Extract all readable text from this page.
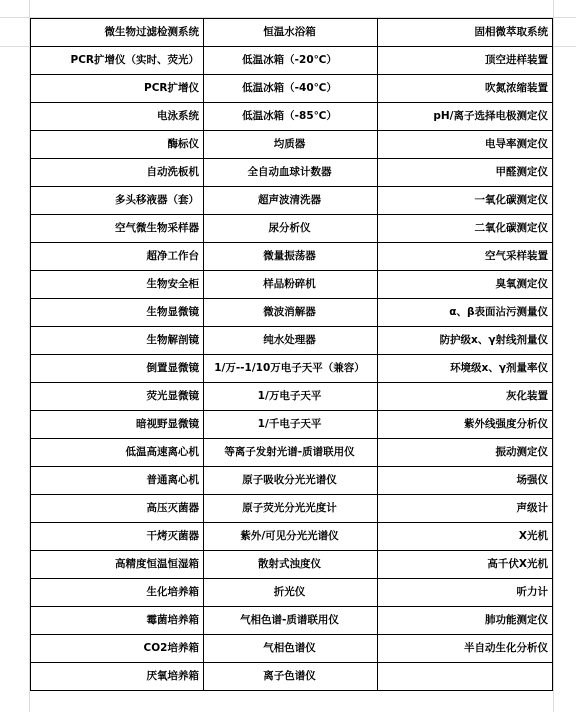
微生物过滤检测系统	恒温水浴箱	固相微萃取系统
PCR扩增仪（实时、荧光）	低温冰箱（-20℃）	顶空进样装置
PCR扩增仪	低温冰箱（-40℃）	吹氮浓缩装置
电泳系统	低温冰箱（-85℃）	pH/离子选择电极测定仪
酶标仪	均质器	电导率测定仪
自动洗板机	全自动血球计数器	甲醛测定仪
多头移液器（套）	超声波清洗器	一氧化碳测定仪
空气微生物采样器	尿分析仪	二氧化碳测定仪
超净工作台	微量振荡器	空气采样装置
生物安全柜	样品粉碎机	臭氧测定仪
生物显微镜	微波消解器	α、β表面沾污测量仪
生物解剖镜	纯水处理器	防护级x、γ射线剂量仪
倒置显微镜	1/万--1/10万电子天平（兼容）	环境级x、γ剂量率仪
荧光显微镜	1/万电子天平	灰化装置
暗视野显微镜	1/千电子天平	紫外线强度分析仪
低温高速离心机	等离子发射光谱-质谱联用仪	振动测定仪
普通离心机	原子吸收分光光谱仪	场强仪
高压灭菌器	原子荧光分光光度计	声级计
干烤灭菌器	紫外/可见分光光谱仪	X光机
高精度恒温恒湿箱	散射式浊度仪	高千伏X光机
生化培养箱	折光仪	听力计
霉菌培养箱	气相色谱-质谱联用仪	肺功能测定仪
CO2培养箱	气相色谱仪	半自动生化分析仪
厌氧培养箱	离子色谱仪	
